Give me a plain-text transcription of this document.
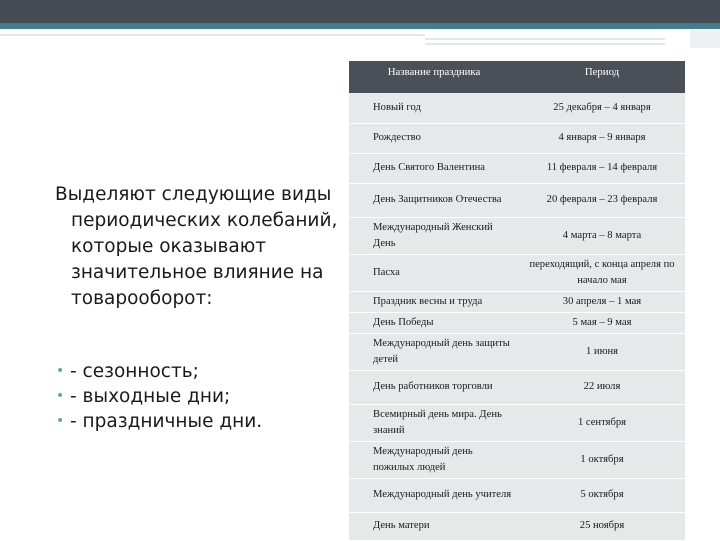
Выделяют следующие виды периодических колебаний, которые оказывают значительное влияние на товарооборот:

• - сезонность;
• - выходные дни;
• - праздничные дни.
Название праздника	Период
Новый год	25 декабря – 4 января
Рождество	4 января – 9 января
День Святого Валентина	11 февраля – 14 февраля
День Защитников Отечества	20 февраля – 23 февраля
Международный Женский День	4 марта – 8 марта
Пасха	переходящий, с конца апреля по начало мая
Праздник весны и труда	30 апреля – 1 мая
День Победы	5 мая – 9 мая
Международный день защиты детей	1 июня
День работников торговли	22 июля
Всемирный день мира. День знаний	1 сентября
Международный день пожилых людей	1 октября
Международный день учителя	5 октября
День матери	25 ноября
